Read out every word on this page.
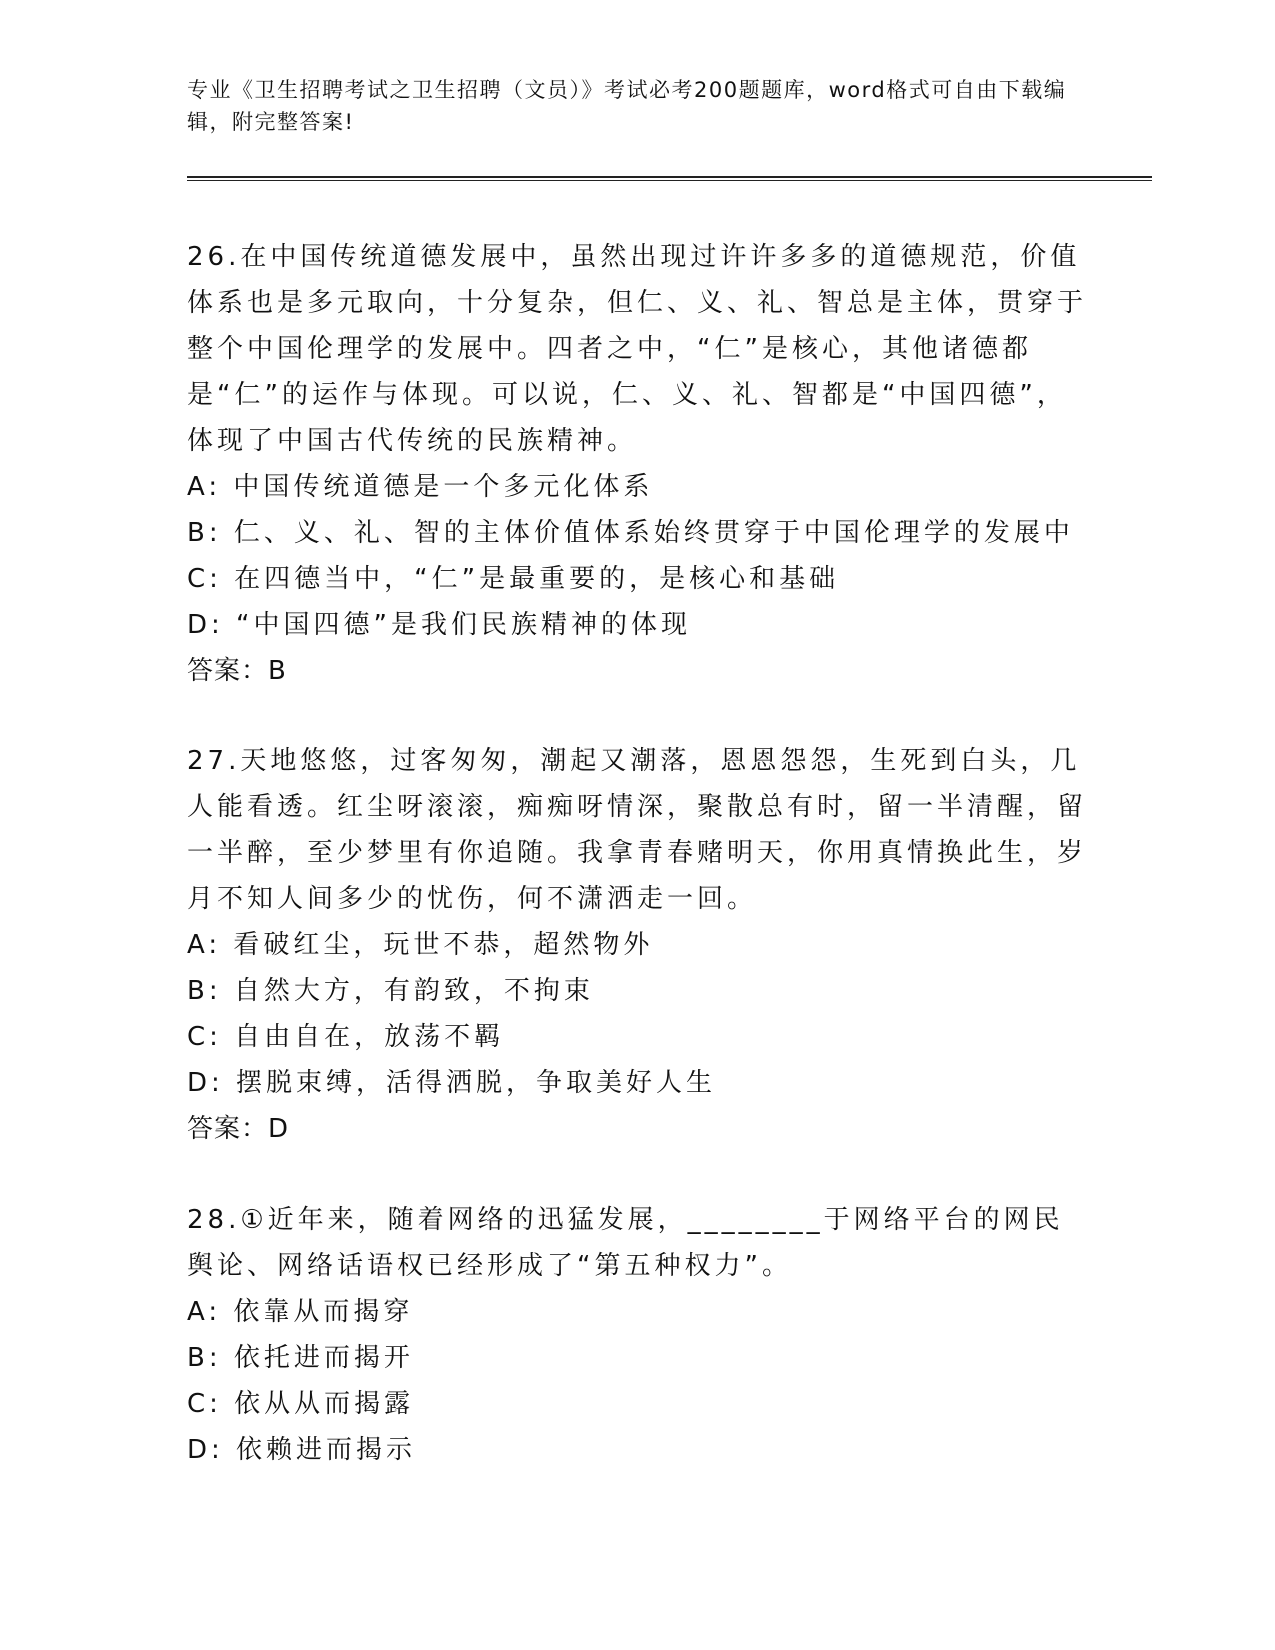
专业《卫生招聘考试之卫生招聘（文员）》考试必考200题题库，word格式可自由下载编辑，附完整答案!

26.在中国传统道德发展中，虽然出现过许许多多的道德规范，价值体系也是多元取向，十分复杂，但仁、义、礼、智总是主体，贯穿于整个中国伦理学的发展中。四者之中，“仁”是核心，其他诸德都是“仁”的运作与体现。可以说，仁、义、礼、智都是“中国四德”，体现了中国古代传统的民族精神。

A: 中国传统道德是一个多元化体系

B: 仁、义、礼、智的主体价值体系始终贯穿于中国伦理学的发展中

C: 在四德当中，“仁”是最重要的，是核心和基础

D: “中国四德”是我们民族精神的体现

答案：B

27.天地悠悠，过客匆匆，潮起又潮落，恩恩怨怨，生死到白头，几人能看透。红尘呀滚滚，痴痴呀情深，聚散总有时，留一半清醒，留一半醉，至少梦里有你追随。我拿青春赌明天，你用真情换此生，岁月不知人间多少的忧伤，何不潇洒走一回。

A: 看破红尘，玩世不恭，超然物外

B: 自然大方，有韵致，不拘束

C: 自由自在，放荡不羁

D: 摆脱束缚，活得洒脱，争取美好人生

答案：D

28.①近年来，随着网络的迅猛发展，________于网络平台的网民舆论、网络话语权已经形成了“第五种权力”。

A: 依靠从而揭穿

B: 依托进而揭开

C: 依从从而揭露

D: 依赖进而揭示
